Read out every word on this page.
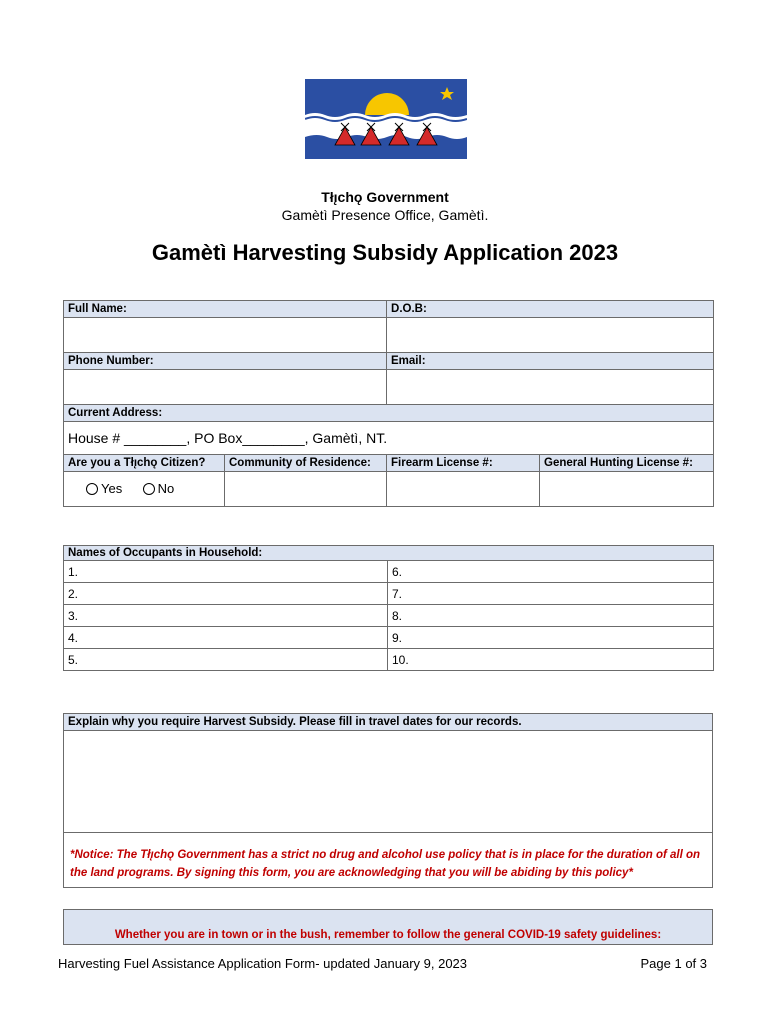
Tłı̨chǫ Government
Gamètì Presence Office, Gamètì.
Gamètì Harvesting Subsidy Application 2023
Full Name:		D.O.B:	

Phone Number:		Email:	

Current Address:			
House # ________, PO Box________, Gamètì, NT.			
Are you a Tłı̨chǫ Citizen?	Community of Residence:	Firearm License #:	General Hunting License #:
Yes No			
Names of Occupants in Household:	
1.	6.
2.	7.
3.	8.
4.	9.
5.	10.
Explain why you require Harvest Subsidy. Please fill in travel dates for our records.

*Notice: The Tłı̨chǫ Government has a strict no drug and alcohol use policy that is in place for the duration of all on the land programs. By signing this form, you are acknowledging that you will be abiding by this policy*
Whether you are in town or in the bush, remember to follow the general COVID-19 safety guidelines:
Harvesting Fuel Assistance Application Form- updated January 9, 2023	Page 1 of 3
